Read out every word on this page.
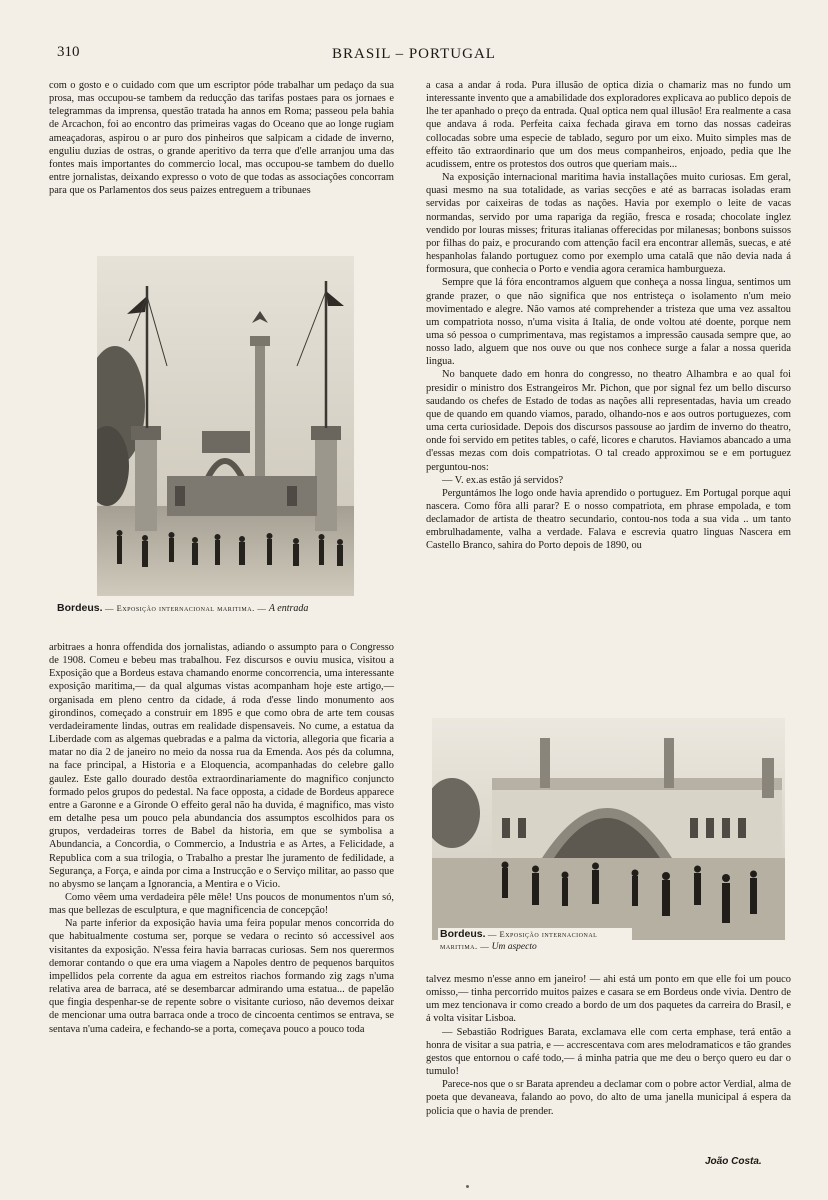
310	BRASIL – PORTUGAL

com o gosto e o cuidado com que um escriptor póde trabalhar um pedaço da sua prosa, mas occupou-se tambem da reducção das tarifas postaes para os jornaes e telegrammas da imprensa, questão tratada ha annos em Roma; passeou pela bahia de Arcachon, foi ao encontro das primeiras vagas do Oceano que ao longe rugiam ameaçadoras, aspirou o ar puro dos pinheiros que salpicam a cidade de inverno, enguliu duzias de ostras, o grande aperitivo da terra que d'elle arranjou uma das fontes mais importantes do commercio local, mas occupou-se tambem do duello entre jornalistas, deixando expresso o voto de que todas as associações concorram para que os Parlamentos dos seus paizes entreguem a tribunaes

Bordeus. — Exposição internacional maritima. — A entrada

arbitraes a honra offendida dos jornalistas, adiando o assumpto para o Congresso de 1908. Comeu e bebeu mas trabalhou. Fez discursos e ouviu musica, visitou a Exposição que a Bordeus estava chamando enorme concorrencia, uma interessante exposição maritima,— da qual algumas vistas acompanham hoje este artigo,— organisada em pleno centro da cidade, á roda d'esse lindo monumento aos girondinos, começado a construir em 1895 e que como obra de arte tem cousas verdadeiramente lindas, outras em realidade dispensaveis. No cume, a estatua da Liberdade com as algemas quebradas e a palma da victoria, allegoria que ficaria a matar no dia 2 de janeiro no meio da nossa rua da Emenda. Aos pés da columna, na face principal, a Historia e a Eloquencia, acompanhadas do celebre gallo gaulez. Este gallo dourado destôa extraordinariamente do magnifico conjuncto formado pelos grupos do pedestal. Na face opposta, a cidade de Bordeus apparece entre a Garonne e a Gironde O effeito geral não ha duvida, é magnifico, mas visto em detalhe pesa um pouco pela abundancia dos assumptos escolhidos para os grupos, verdadeiras torres de Babel da historia, em que se symbolisa a Abundancia, a Concordia, o Commercio, a Industria e as Artes, a Felicidade, a Republica com a sua trilogia, o Trabalho a prestar lhe juramento de fedilidade, a Segurança, a Força, e ainda por cima a Instrucção e o Serviço militar, ao passo que no abysmo se lançam a Ignorancia, a Mentira e o Vicio.

Como vêem uma verdadeira pêle mêle! Uns poucos de monumentos n'um só, mas que bellezas de esculptura, e que magnificencia de concepção!

Na parte inferior da exposição havia uma feira popular menos concorrida do que habitualmente costuma ser, porque se vedara o recinto só accessivel aos visitantes da exposição. N'essa feira havia barracas curiosas. Sem nos querermos demorar contando o que era uma viagem a Napoles dentro de pequenos barquitos impellidos pela corrente da agua em estreitos riachos formando zig zags n'uma relativa area de barraca, até se desembarcar admirando uma estatua... de papelão que fingia despenhar-se de repente sobre o visitante curioso, não devemos deixar de mencionar uma outra barraca onde a troco de cincoenta centimos se entrava, se sentava n'uma cadeira, e fechando-se a porta, começava pouco a pouco toda

a casa a andar á roda. Pura illusão de optica dizia o chamariz mas no fundo um interessante invento que a amabilidade dos exploradores explicava ao publico depois de lhe ter apanhado o preço da entrada. Qual optica nem qual illusão! Era realmente a casa que andava á roda. Perfeita caixa fechada girava em torno das nossas cadeiras collocadas sobre uma especie de tablado, seguro por um eixo. Muito simples mas de effeito tão extraordinario que um dos meus companheiros, enjoado, pedia que lhe acudissem, entre os protestos dos outros que queriam mais...

Na exposição internacional maritima havia installações muito curiosas. Em geral, quasi mesmo na sua totalidade, as varias secções e até as barracas isoladas eram servidas por caixeiras de todas as nações. Havia por exemplo o leite de vacas normandas, servido por uma rapariga da região, fresca e rosada; chocolate inglez vendido por louras misses; frituras italianas offerecidas por milanesas; bonbons suissos por filhas do paiz, e procurando com attenção facil era encontrar allemãs, suecas, e até hespanholas falando portuguez como por exemplo uma catalã que não devia nada á formosura, que conhecia o Porto e vendia agora ceramica hamburgueza.

Sempre que lá fóra encontramos alguem que conheça a nossa lingua, sentimos um grande prazer, o que não significa que nos entristeça o isolamento n'um meio movimentado e alegre. Não vamos até comprehender a tristeza que uma vez assaltou um compatriota nosso, n'uma visita á Italia, de onde voltou até doente, porque nem uma só pessoa o cumprimentava, mas registamos a impressão causada sempre que, ao nosso lado, alguem que nos ouve ou que nos conhece surge a falar a nossa querida lingua.

No banquete dado em honra do congresso, no theatro Alhambra e ao qual foi presidir o ministro dos Estrangeiros Mr. Pichon, que por signal fez um bello discurso saudando os chefes de Estado de todas as nações alli representadas, havia um creado que de quando em quando viamos, parado, olhando-nos e aos outros portuguezes, com uma certa curiosidade. Depois dos discursos passouse ao jardim de inverno do theatro, onde foi servido em petites tables, o café, licores e charutos. Haviamos abancado a uma d'essas mezas com dois compatriotas. O tal creado approximou se e em portuguez perguntou-nos:

— V. ex.as estão já servidos?

Perguntámos lhe logo onde havia aprendido o portuguez. Em Portugal porque aqui nascera. Como fôra alli parar? E o nosso compatriota, em phrase empolada, e tom declamador de artista de theatro secundario, contou-nos toda a sua vida .. um tanto embrulhadamente, valha a verdade. Falava e escrevia quatro linguas Nascera em Castello Branco, sahira do Porto depois de 1890, ou

Bordeus. — Exposição internacional maritima. — Um aspecto

talvez mesmo n'esse anno em janeiro! — ahi está um ponto em que elle foi um pouco omisso,— tinha percorrido muitos paizes e casara se em Bordeus onde vivia. Dentro de um mez tencionava ir como creado a bordo de um dos paquetes da carreira do Brasil, e á volta visitar Lisboa.

— Sebastião Rodrigues Barata, exclamava elle com certa emphase, terá então a honra de visitar a sua patria, e — accrescentava com ares melodramaticos e tão grandes gestos que entornou o café todo,— á minha patria que me deu o berço quero eu dar o tumulo!

Parece-nos que o sr Barata aprendeu a declamar com o pobre actor Verdial, alma de poeta que devaneava, falando ao povo, do alto de uma janella municipal á espera da policia que o havia de prender.

João Costa.
